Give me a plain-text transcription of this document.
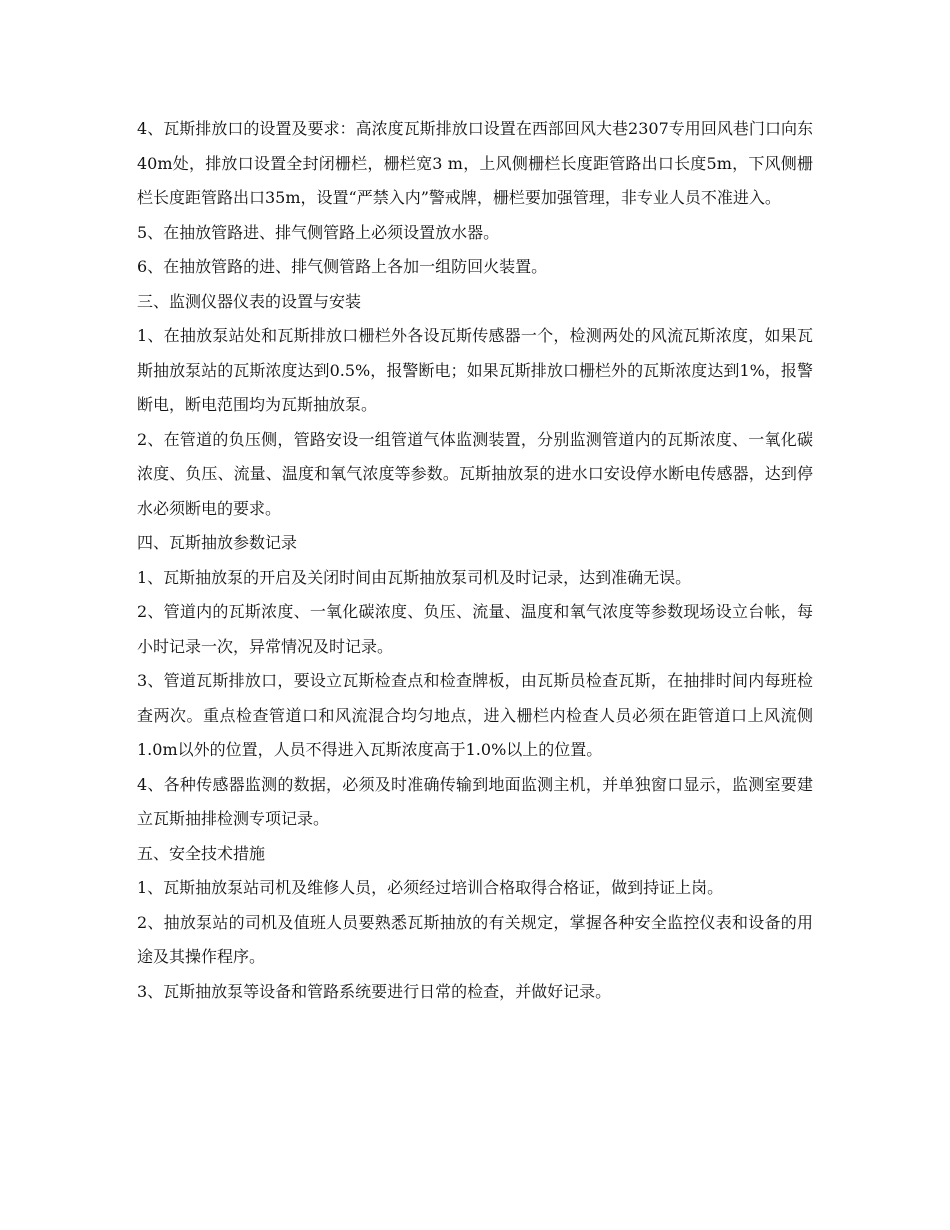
4、瓦斯排放口的设置及要求：高浓度瓦斯排放口设置在西部回风大巷2307专用回风巷门口向东40m处，排放口设置全封闭栅栏，栅栏宽3 m，上风侧栅栏长度距管路出口长度5m，下风侧栅栏长度距管路出口35m，设置“严禁入内”警戒牌，栅栏要加强管理，非专业人员不准进入。

5、在抽放管路进、排气侧管路上必须设置放水器。

6、在抽放管路的进、排气侧管路上各加一组防回火装置。

三、监测仪器仪表的设置与安装

1、在抽放泵站处和瓦斯排放口栅栏外各设瓦斯传感器一个，检测两处的风流瓦斯浓度，如果瓦斯抽放泵站的瓦斯浓度达到0.5%，报警断电；如果瓦斯排放口栅栏外的瓦斯浓度达到1%，报警断电，断电范围均为瓦斯抽放泵。

2、在管道的负压侧，管路安设一组管道气体监测装置，分别监测管道内的瓦斯浓度、一氧化碳浓度、负压、流量、温度和氧气浓度等参数。瓦斯抽放泵的进水口安设停水断电传感器，达到停水必须断电的要求。

四、瓦斯抽放参数记录

1、瓦斯抽放泵的开启及关闭时间由瓦斯抽放泵司机及时记录，达到准确无误。

2、管道内的瓦斯浓度、一氧化碳浓度、负压、流量、温度和氧气浓度等参数现场设立台帐，每小时记录一次，异常情况及时记录。

3、管道瓦斯排放口，要设立瓦斯检查点和检查牌板，由瓦斯员检查瓦斯，在抽排时间内每班检查两次。重点检查管道口和风流混合均匀地点，进入栅栏内检查人员必须在距管道口上风流侧1.0m以外的位置，人员不得进入瓦斯浓度高于1.0%以上的位置。

4、各种传感器监测的数据，必须及时准确传输到地面监测主机，并单独窗口显示，监测室要建立瓦斯抽排检测专项记录。

五、安全技术措施

1、瓦斯抽放泵站司机及维修人员，必须经过培训合格取得合格证，做到持证上岗。

2、抽放泵站的司机及值班人员要熟悉瓦斯抽放的有关规定，掌握各种安全监控仪表和设备的用途及其操作程序。

3、瓦斯抽放泵等设备和管路系统要进行日常的检查，并做好记录。
